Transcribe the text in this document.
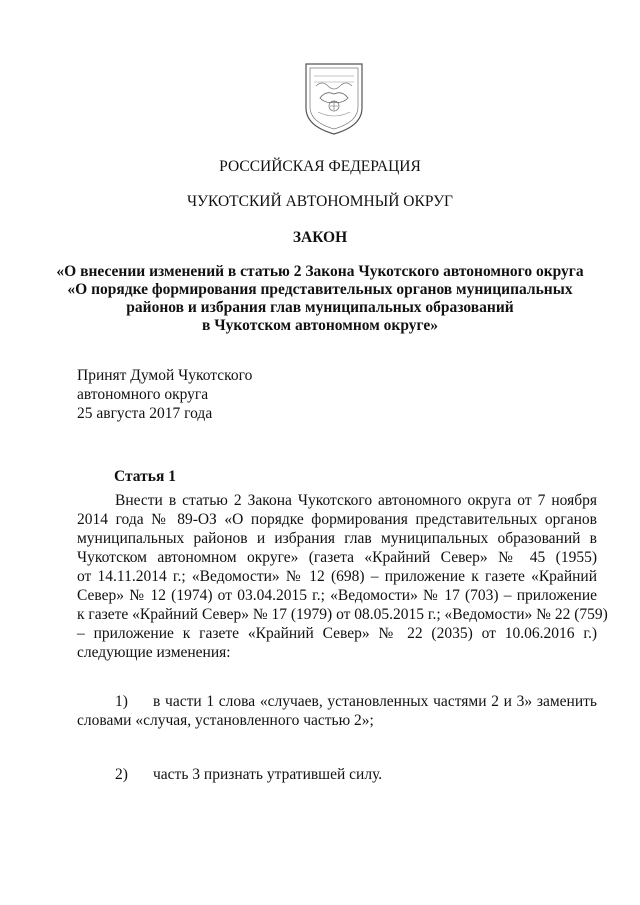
РОССИЙСКАЯ ФЕДЕРАЦИЯ
ЧУКОТСКИЙ АВТОНОМНЫЙ ОКРУГ
ЗАКОН
«О внесении изменений в статью 2 Закона Чукотского автономного округа
«О порядке формирования представительных органов муниципальных
районов и избрания глав муниципальных образований
в Чукотском автономном округе»
Принят Думой Чукотского
автономного округа
25 августа 2017 года
Статья 1
Внести в статью 2 Закона Чукотского автономного округа от 7 ноября
2014 года № 89-ОЗ «О порядке формирования представительных органов
муниципальных районов и избрания глав муниципальных образований в
Чукотском автономном округе» (газета «Крайний Север» № 45 (1955)
от 14.11.2014 г.; «Ведомости» № 12 (698) – приложение к газете «Крайний
Север» № 12 (1974) от 03.04.2015 г.; «Ведомости» № 17 (703) – приложение
к газете «Крайний Север» № 17 (1979) от 08.05.2015 г.; «Ведомости» № 22 (759)
– приложение к газете «Крайний Север» № 22 (2035) от 10.06.2016 г.)
следующие изменения:
1) в части 1 слова «случаев, установленных частями 2 и 3» заменить
словами «случая, установленного частью 2»;
2) часть 3 признать утратившей силу.
